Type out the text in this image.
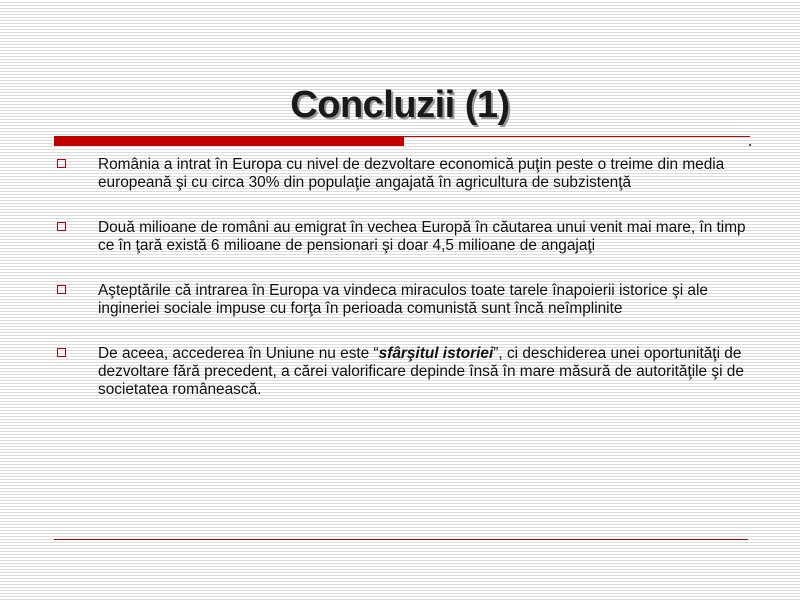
Concluzii (1)
România a intrat în Europa cu nivel de dezvoltare economică puţin peste o treime din media europeană şi cu circa 30% din populaţie angajată în agricultura de subzistenţă
Două milioane de români au emigrat în vechea Europă în căutarea unui venit mai mare, în timp ce în ţară există 6 milioane de pensionari şi doar 4,5 milioane de angajaţi
Aşteptările că intrarea în Europa va vindeca miraculos toate tarele înapoierii istorice şi ale ingineriei sociale impuse cu forţa în perioada comunistă sunt încă neîmplinite
De aceea, accederea în Uniune nu este “sfârşitul istoriei”, ci deschiderea unei oportunităţi de dezvoltare fără precedent, a cărei valorificare depinde însă în mare măsură de autorităţile şi de societatea românească.
